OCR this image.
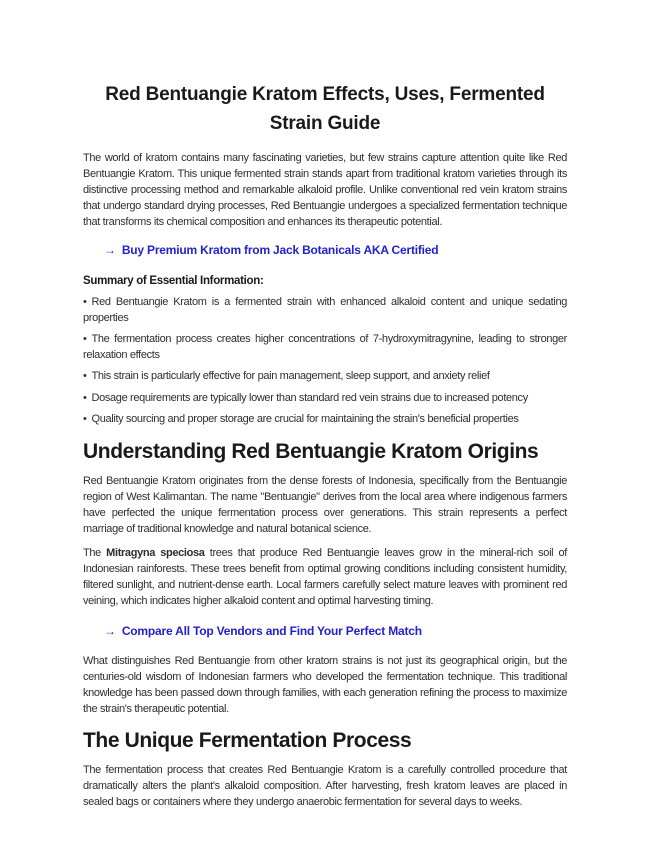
Red Bentuangie Kratom Effects, Uses, Fermented Strain Guide

The world of kratom contains many fascinating varieties, but few strains capture attention quite like Red Bentuangie Kratom. This unique fermented strain stands apart from traditional kratom varieties through its distinctive processing method and remarkable alkaloid profile. Unlike conventional red vein kratom strains that undergo standard drying processes, Red Bentuangie undergoes a specialized fermentation technique that transforms its chemical composition and enhances its therapeutic potential.

→ Buy Premium Kratom from Jack Botanicals AKA Certified

Summary of Essential Information:

• Red Bentuangie Kratom is a fermented strain with enhanced alkaloid content and unique sedating properties

• The fermentation process creates higher concentrations of 7-hydroxymitragynine, leading to stronger relaxation effects

• This strain is particularly effective for pain management, sleep support, and anxiety relief

• Dosage requirements are typically lower than standard red vein strains due to increased potency

• Quality sourcing and proper storage are crucial for maintaining the strain's beneficial properties

Understanding Red Bentuangie Kratom Origins

Red Bentuangie Kratom originates from the dense forests of Indonesia, specifically from the Bentuangie region of West Kalimantan. The name "Bentuangie" derives from the local area where indigenous farmers have perfected the unique fermentation process over generations. This strain represents a perfect marriage of traditional knowledge and natural botanical science.

The Mitragyna speciosa trees that produce Red Bentuangie leaves grow in the mineral-rich soil of Indonesian rainforests. These trees benefit from optimal growing conditions including consistent humidity, filtered sunlight, and nutrient-dense earth. Local farmers carefully select mature leaves with prominent red veining, which indicates higher alkaloid content and optimal harvesting timing.

→ Compare All Top Vendors and Find Your Perfect Match

What distinguishes Red Bentuangie from other kratom strains is not just its geographical origin, but the centuries-old wisdom of Indonesian farmers who developed the fermentation technique. This traditional knowledge has been passed down through families, with each generation refining the process to maximize the strain's therapeutic potential.

The Unique Fermentation Process

The fermentation process that creates Red Bentuangie Kratom is a carefully controlled procedure that dramatically alters the plant's alkaloid composition. After harvesting, fresh kratom leaves are placed in sealed bags or containers where they undergo anaerobic fermentation for several days to weeks.
